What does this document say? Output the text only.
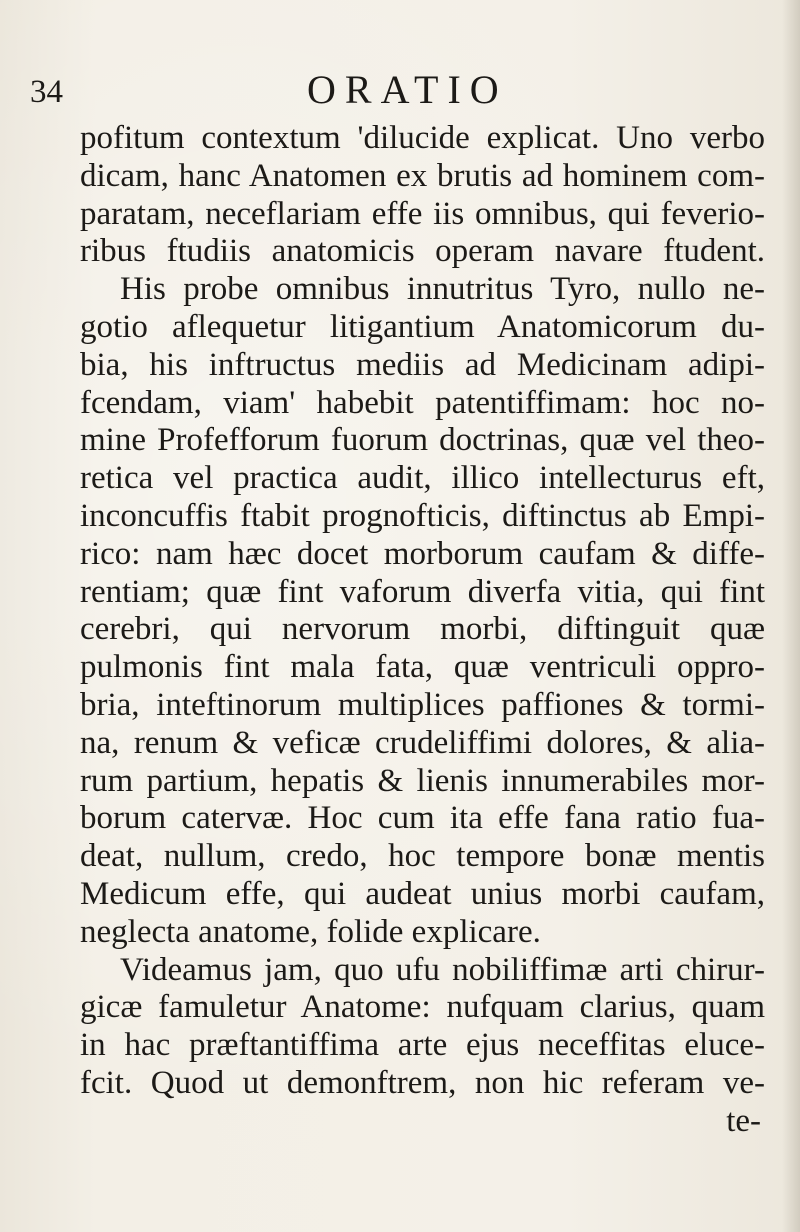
34	ORATIO
pofitum contextum 'dilucide explicat. Uno verbo
dicam, hanc Anatomen ex brutis ad hominem com-
paratam, neceflariam effe iis omnibus, qui feverio-
ribus ftudiis anatomicis operam navare ftudent.
His probe omnibus innutritus Tyro, nullo ne-
gotio aflequetur litigantium Anatomicorum du-
bia, his inftructus mediis ad Medicinam adipi-
fcendam, viam' habebit patentiffimam: hoc no-
mine Profefforum fuorum doctrinas, quæ vel theo-
retica vel practica audit, illico intellecturus eft,
inconcuffis ftabit prognofticis, diftinctus ab Empi-
rico: nam hæc docet morborum caufam & diffe-
rentiam; quæ fint vaforum diverfa vitia, qui fint
cerebri, qui nervorum morbi, diftinguit quæ
pulmonis fint mala fata, quæ ventriculi oppro-
bria, inteftinorum multiplices paffiones & tormi-
na, renum & veficæ crudeliffimi dolores, & alia-
rum partium, hepatis & lienis innumerabiles mor-
borum catervæ. Hoc cum ita effe fana ratio fua-
deat, nullum, credo, hoc tempore bonæ mentis
Medicum effe, qui audeat unius morbi caufam,
neglecta anatome, folide explicare.
Videamus jam, quo ufu nobiliffimæ arti chirur-
gicæ famuletur Anatome: nufquam clarius, quam
in hac præftantiffima arte ejus neceffitas eluce-
fcit. Quod ut demonftrem, non hic referam ve-
te-
